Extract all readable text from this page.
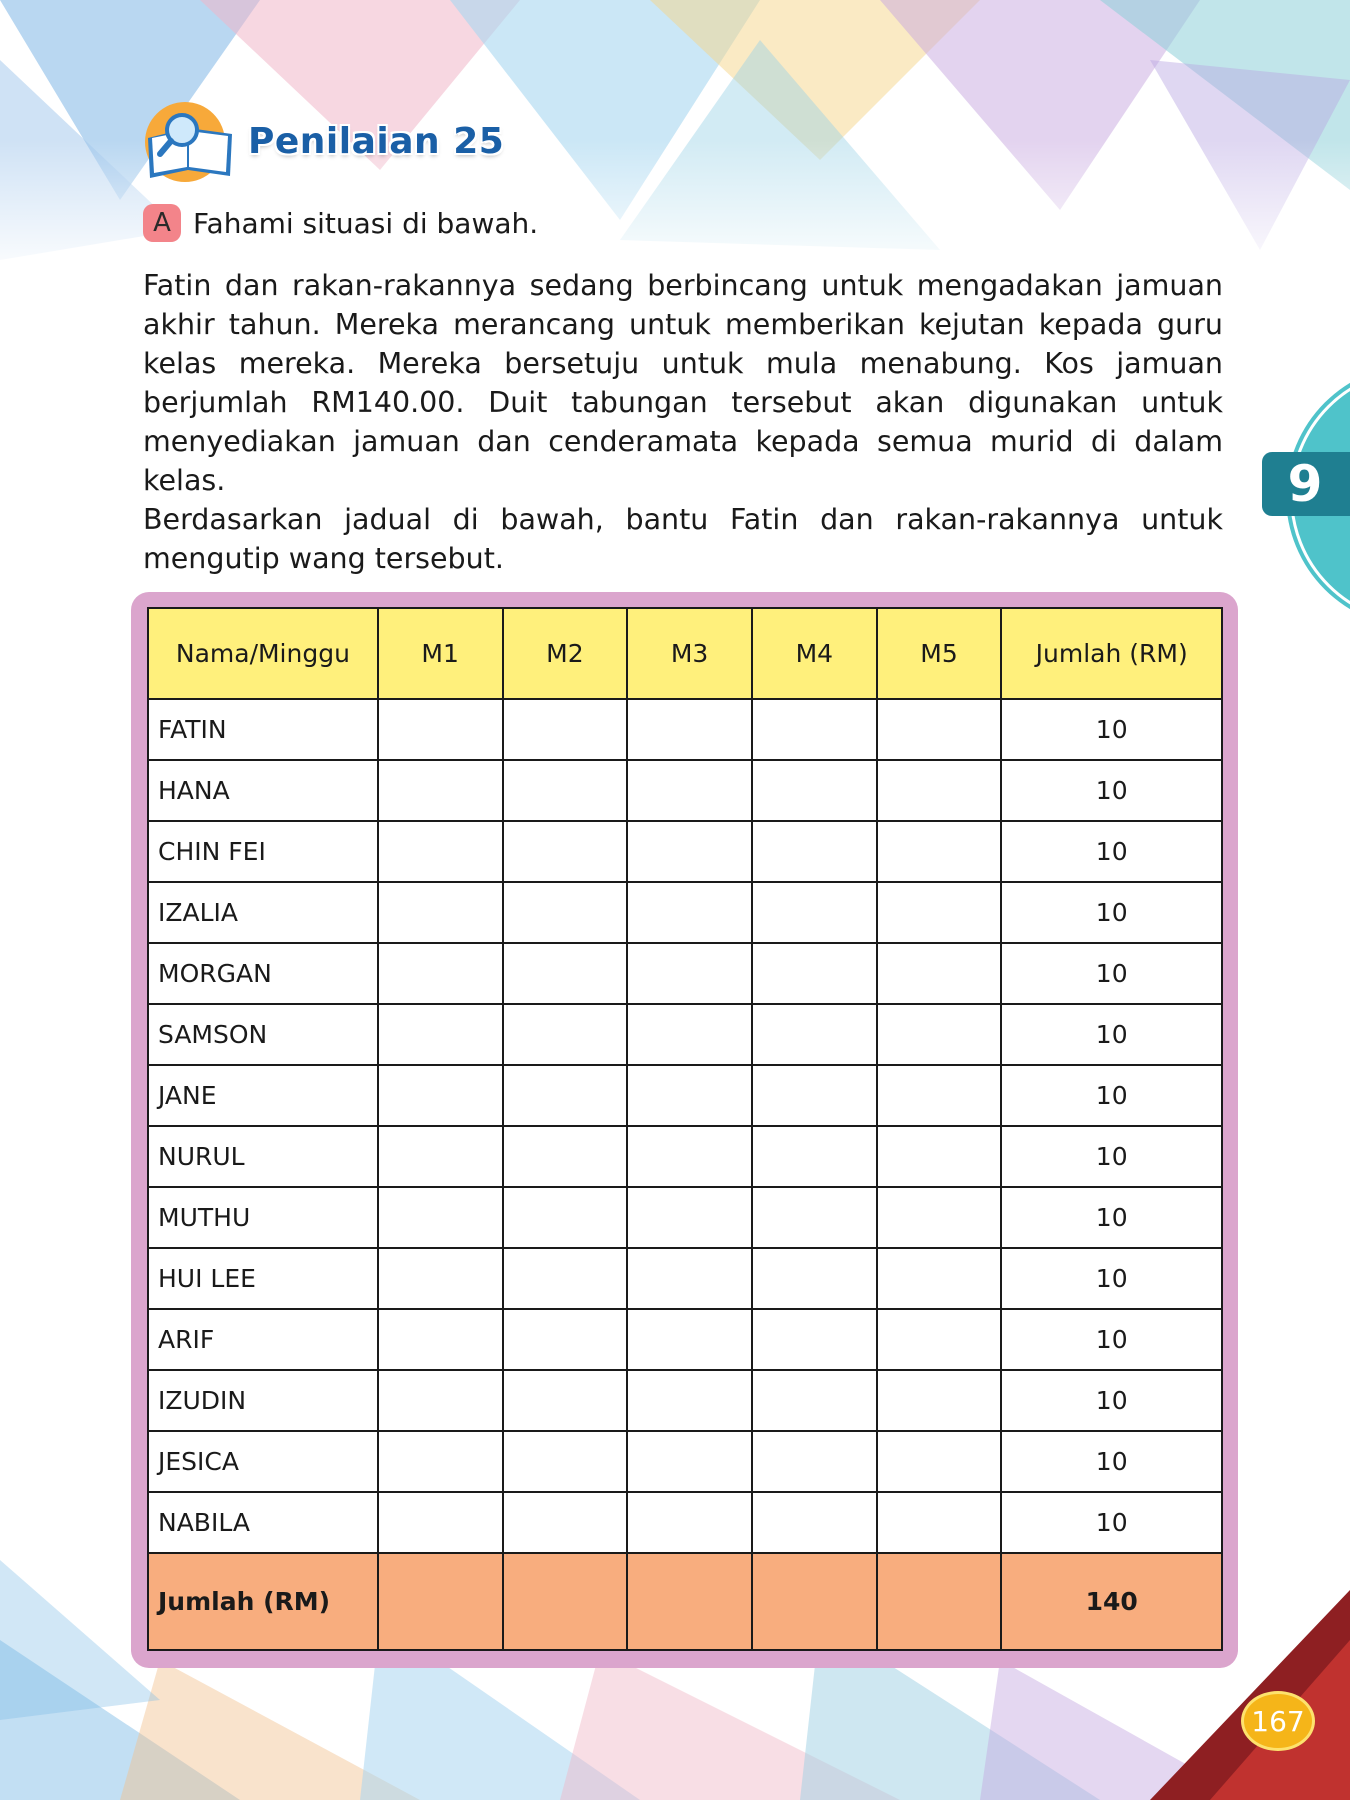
9
Penilaian 25
A Fahami situasi di bawah.

Fatin dan rakan-rakannya sedang berbincang untuk mengadakan jamuan akhir tahun. Mereka merancang untuk memberikan kejutan kepada guru kelas mereka. Mereka bersetuju untuk mula menabung. Kos jamuan berjumlah RM140.00. Duit tabungan tersebut akan digunakan untuk menyediakan jamuan dan cenderamata kepada semua murid di dalam kelas.

Berdasarkan jadual di bawah, bantu Fatin dan rakan-rakannya untuk mengutip wang tersebut.

Nama/Minggu	M1	M2	M3	M4	M5	Jumlah (RM)
FATIN						10
HANA						10
CHIN FEI						10
IZALIA						10
MORGAN						10
SAMSON						10
JANE						10
NURUL						10
MUTHU						10
HUI LEE						10
ARIF						10
IZUDIN						10
JESICA						10
NABILA						10
Jumlah (RM)						140
167
